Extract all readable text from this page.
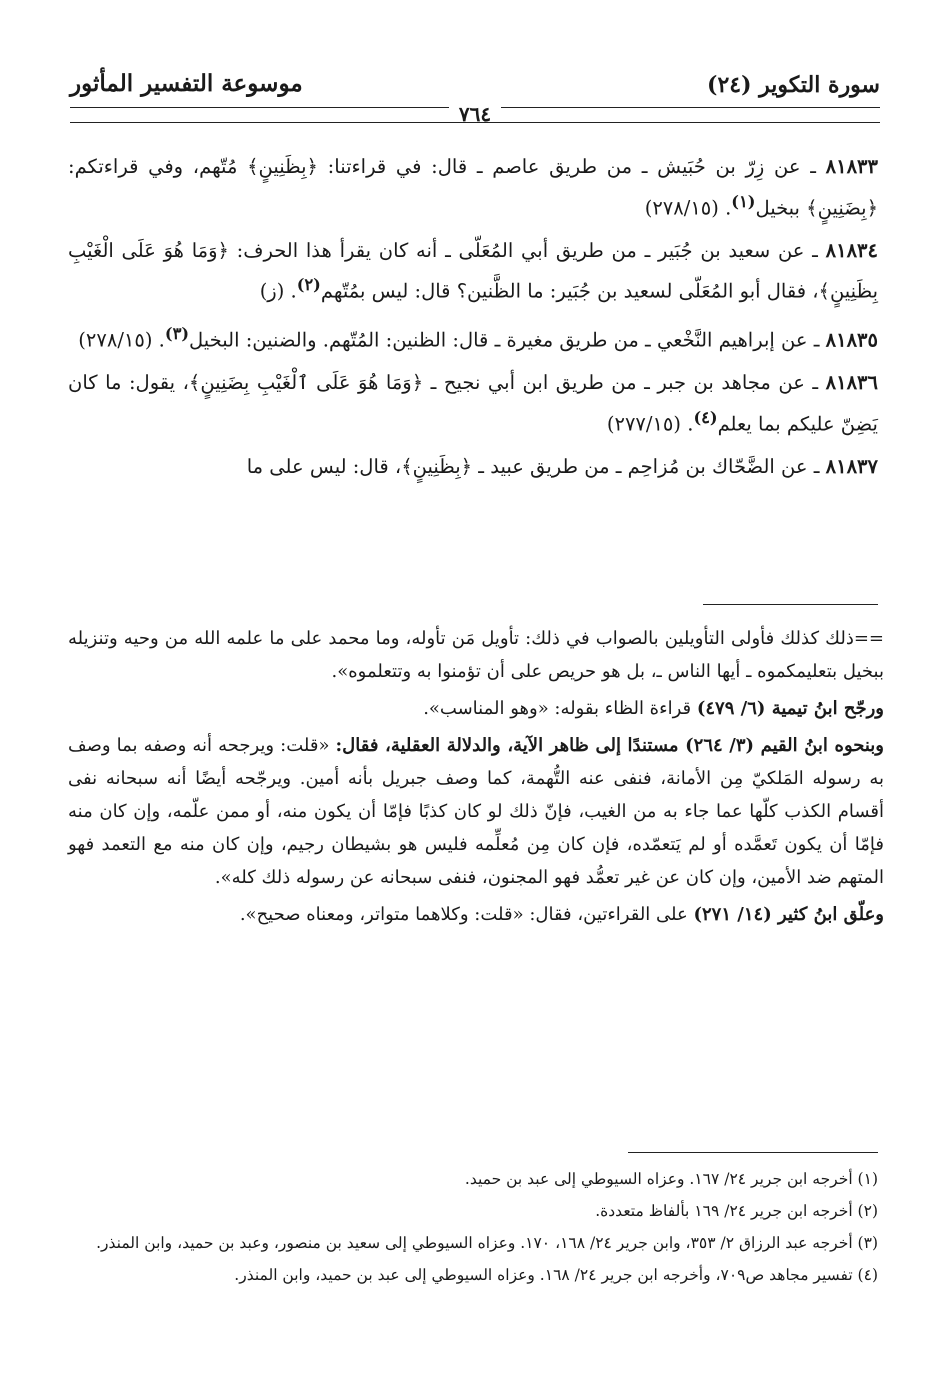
سورة التكوير (٢٤)
موسوعة التفسير المأثور
٧٦٤

٨١٨٣٣ ـ عن زِرّ بن حُبَيش ـ من طريق عاصم ـ قال: في قراءتنا: ﴿بِظَنِينٍ﴾ مُتّهم، وفي قراءتكم: ﴿بِضَنِينٍ﴾ ببخيل$^{(١)}$. (٢٧٨/١٥)

٨١٨٣٤ ـ عن سعيد بن جُبَير ـ من طريق أبي المُعَلّى ـ أنه كان يقرأ هذا الحرف: ﴿وَمَا هُوَ عَلَى الْغَيْبِ بِظَنِينٍ﴾، فقال أبو المُعَلّى لسعيد بن جُبَير: ما الظَّنين؟ قال: ليس بمُتّهم$^{(٢)}$. (ز)

٨١٨٣٥ ـ عن إبراهيم النَّخْعي ـ من طريق مغيرة ـ قال: الظنين: المُتّهم. والضنين: البخيل$^{(٣)}$. (٢٧٨/١٥)

٨١٨٣٦ ـ عن مجاهد بن جبر ـ من طريق ابن أبي نجيح ـ ﴿وَمَا هُوَ عَلَى ٱلْغَيْبِ بِضَنِينٍ﴾، يقول: ما كان يَضِنّ عليكم بما يعلم$^{(٤)}$. (٢٧٧/١٥)

٨١٨٣٧ ـ عن الضَّحّاك بن مُزاحِم ـ من طريق عبيد ـ ﴿بِظَنِينٍ﴾، قال: ليس على ما

==ذلك كذلك فأولى التأويلين بالصواب في ذلك: تأويل مَن تأوله، وما محمد على ما علمه الله من وحيه وتنزيله ببخيل بتعليمكموه ـ أيها الناس ـ، بل هو حريص على أن تؤمنوا به وتتعلموه».

ورجّح ابنُ تيمية (٦/ ٤٧٩) قراءة الظاء بقوله: «وهو المناسب».

وبنحوه ابنُ القيم (٣/ ٢٦٤) مستندًا إلى ظاهر الآية، والدلالة العقلية، فقال: «قلت: ويرجحه أنه وصفه بما وصف به رسوله المَلكيّ مِن الأمانة، فنفى عنه التُّهمة، كما وصف جبريل بأنه أمين. ويرجّحه أيضًا أنه سبحانه نفى أقسام الكذب كلّها عما جاء به من الغيب، فإنّ ذلك لو كان كذبًا فإمّا أن يكون منه، أو ممن علّمه، وإن كان منه فإمّا أن يكون تَعمَّده أو لم يَتعمّده، فإن كان مِن مُعلِّمه فليس هو بشيطان رجيم، وإن كان منه مع التعمد فهو المتهم ضد الأمين، وإن كان عن غير تعمُّد فهو المجنون، فنفى سبحانه عن رسوله ذلك كله».

وعلّق ابنُ كثير (١٤/ ٢٧١) على القراءتين، فقال: «قلت: وكلاهما متواتر، ومعناه صحيح».

(١) أخرجه ابن جرير ٢٤/ ١٦٧. وعزاه السيوطي إلى عبد بن حميد.

(٢) أخرجه ابن جرير ٢٤/ ١٦٩ بألفاظ متعددة.

(٣) أخرجه عبد الرزاق ٢/ ٣٥٣، وابن جرير ٢٤/ ١٦٨، ١٧٠. وعزاه السيوطي إلى سعيد بن منصور، وعبد بن حميد، وابن المنذر.

(٤) تفسير مجاهد ص٧٠٩، وأخرجه ابن جرير ٢٤/ ١٦٨. وعزاه السيوطي إلى عبد بن حميد، وابن المنذر.
